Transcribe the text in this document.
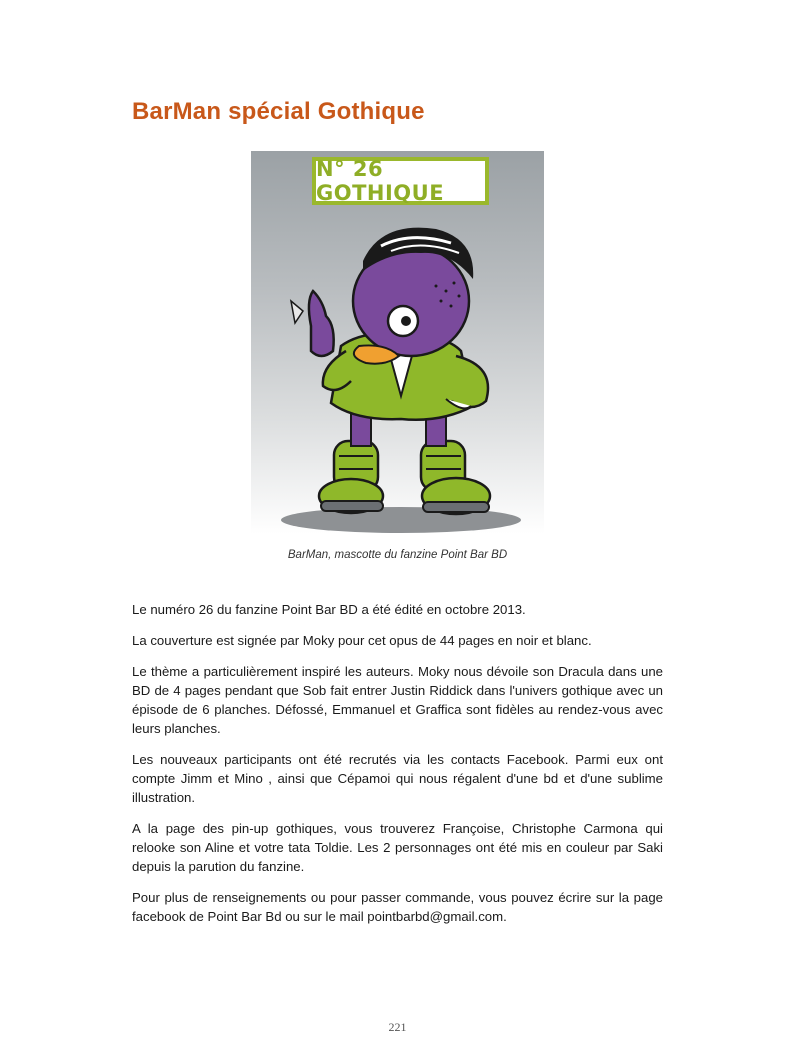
BarMan spécial Gothique
N° 26 GOTHIQUE

BarMan, mascotte du fanzine Point Bar BD

Le numéro 26 du fanzine Point Bar BD a été édité en octobre 2013.

La couverture est signée par Moky pour cet opus de 44 pages en noir et blanc.

Le thème a particulièrement inspiré les auteurs. Moky nous dévoile son Dracula dans une BD de 4 pages pendant que Sob fait entrer Justin Riddick dans l'univers gothique avec un épisode de 6 planches. Défossé, Emmanuel et Graffica sont fidèles au rendez-vous avec leurs planches.

Les nouveaux participants ont été recrutés via les contacts Facebook. Parmi eux ont compte Jimm et Mino , ainsi que Cépamoi qui nous régalent d'une bd et d'une sublime illustration.

A la page des pin-up gothiques, vous trouverez Françoise, Christophe Carmona qui relooke son Aline et votre tata Toldie. Les 2 personnages ont été mis en couleur par Saki depuis la parution du fanzine.

Pour plus de renseignements ou pour passer commande, vous pouvez écrire sur la page facebook de Point Bar Bd ou sur le mail pointbarbd@gmail.com.

221
